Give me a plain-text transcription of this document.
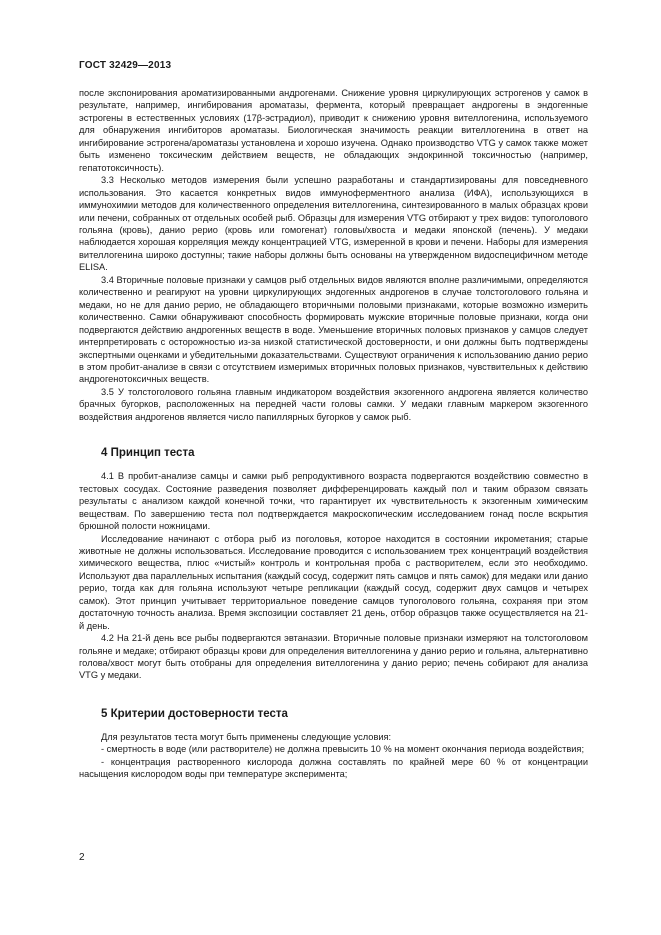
ГОСТ 32429—2013

после экспонирования ароматизированными андрогенами. Снижение уровня циркулирующих эстрогенов у самок в результате, например, ингибирования ароматазы, фермента, который превращает андрогены в эндогенные эстрогены в естественных условиях (17β-эстрадиол), приводит к снижению уровня вителлогенина, используемого для обнаружения ингибиторов ароматазы. Биологическая значимость реакции вителлогенина в ответ на ингибирование эстрогена/ароматазы установлена и хорошо изучена. Однако производство VTG у самок также может быть изменено токсическим действием веществ, не обладающих эндокринной токсичностью (например, гепатотоксичность).

3.3 Несколько методов измерения были успешно разработаны и стандартизированы для повседневного использования. Это касается конкретных видов иммуноферментного анализа (ИФА), использующихся в иммунохимии методов для количественного определения вителлогенина, синтезированного в малых образцах крови или печени, собранных от отдельных особей рыб. Образцы для измерения VTG отбирают у трех видов: тупоголового гольяна (кровь), данио рерио (кровь или гомогенат) головы/хвоста и медаки японской (печень). У медаки наблюдается хорошая корреляция между концентрацией VTG, измеренной в крови и печени. Наборы для измерения вителлогенина широко доступны; такие наборы должны быть основаны на утвержденном видоспецифичном методе ELISA.

3.4 Вторичные половые признаки у самцов рыб отдельных видов являются вполне различимыми, определяются количественно и реагируют на уровни циркулирующих эндогенных андрогенов в случае толстоголового гольяна и медаки, но не для данио рерио, не обладающего вторичными половыми признаками, которые возможно измерить количественно. Самки обнаруживают способность формировать мужские вторичные половые признаки, когда они подвергаются действию андрогенных веществ в воде. Уменьшение вторичных половых признаков у самцов следует интерпретировать с осторожностью из-за низкой статистической достоверности, и они должны быть подтверждены экспертными оценками и убедительными доказательствами. Существуют ограничения к использованию данио рерио в этом пробит-анализе в связи с отсутствием измеримых вторичных половых признаков, чувствительных к действию андрогенотоксичных веществ.

3.5 У толстоголового гольяна главным индикатором воздействия экзогенного андрогена является количество брачных бугорков, расположенных на передней части головы самки. У медаки главным маркером экзогенного воздействия андрогенов является число папиллярных бугорков у самок рыб.

4 Принцип теста

4.1 В пробит-анализе самцы и самки рыб репродуктивного возраста подвергаются воздействию совместно в тестовых сосудах. Состояние разведения позволяет дифференцировать каждый пол и таким образом связать результаты с анализом каждой конечной точки, что гарантирует их чувствительность к экзогенным химическим веществам. По завершению теста пол подтверждается макроскопическим исследованием гонад после вскрытия брюшной полости ножницами.

Исследование начинают с отбора рыб из поголовья, которое находится в состоянии икрометания; старые животные не должны использоваться. Исследование проводится с использованием трех концентраций воздействия химического вещества, плюс «чистый» контроль и контрольная проба с растворителем, если это необходимо. Используют два параллельных испытания (каждый сосуд, содержит пять самцов и пять самок) для медаки или данио рерио, тогда как для гольяна используют четыре репликации (каждый сосуд, содержит двух самцов и четырех самок). Этот принцип учитывает территориальное поведение самцов тупоголового гольяна, сохраняя при этом достаточную точность анализа. Время экспозиции составляет 21 день, отбор образцов также осуществляется на 21-й день.

4.2 На 21-й день все рыбы подвергаются эвтаназии. Вторичные половые признаки измеряют на толстоголовом гольяне и медаке; отбирают образцы крови для определения вителлогенина у данио рерио и гольяна, альтернативно голова/хвост могут быть отобраны для определения вителлогенина у данио рерио; печень собирают для анализа VTG у медаки.

5 Критерии достоверности теста

Для результатов теста могут быть применены следующие условия:

- смертность в воде (или растворителе) не должна превысить 10 % на момент окончания периода воздействия;

- концентрация растворенного кислорода должна составлять по крайней мере 60 % от концентрации насыщения кислородом воды при температуре эксперимента;

2
